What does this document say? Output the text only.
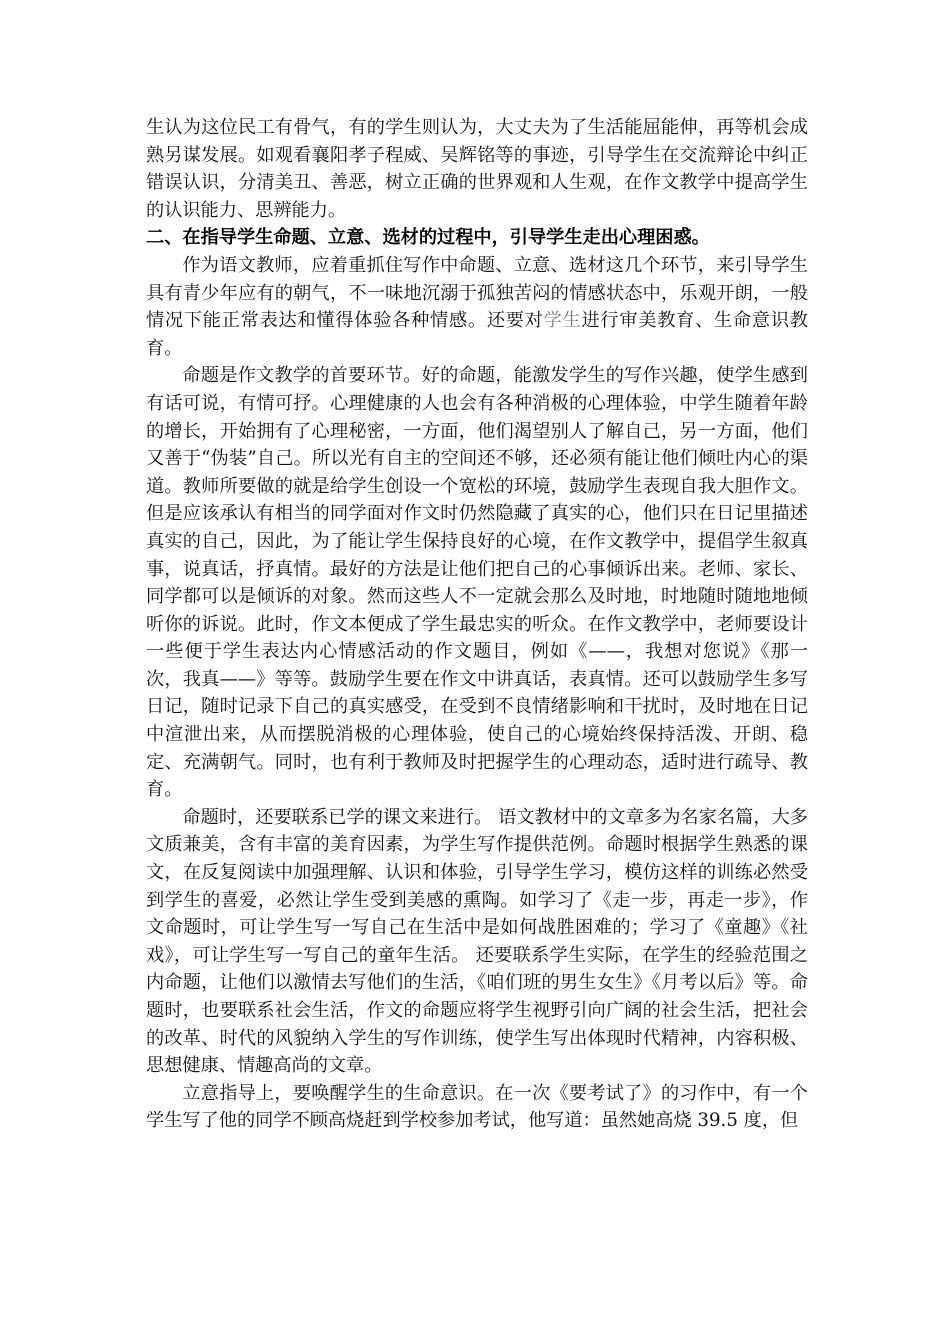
生认为这位民工有骨气，有的学生则认为，大丈夫为了生活能屈能伸，再等机会成熟另谋发展。如观看襄阳孝子程威、吴辉铭等的事迹，引导学生在交流辩论中纠正错误认识，分清美丑、善恶，树立正确的世界观和人生观，在作文教学中提高学生的认识能力、思辨能力。

二、在指导学生命题、立意、选材的过程中，引导学生走出心理困惑。

作为语文教师，应着重抓住写作中命题、立意、选材这几个环节，来引导学生具有青少年应有的朝气，不一味地沉溺于孤独苦闷的情感状态中，乐观开朗，一般情况下能正常表达和懂得体验各种情感。还要对学生进行审美教育、生命意识教育。

命题是作文教学的首要环节。好的命题，能激发学生的写作兴趣，使学生感到有话可说，有情可抒。心理健康的人也会有各种消极的心理体验，中学生随着年龄的增长，开始拥有了心理秘密，一方面，他们渴望别人了解自己，另一方面，他们又善于“伪装”自己。所以光有自主的空间还不够，还必须有能让他们倾吐内心的渠道。教师所要做的就是给学生创设一个宽松的环境，鼓励学生表现自我大胆作文。但是应该承认有相当的同学面对作文时仍然隐藏了真实的心，他们只在日记里描述真实的自己，因此，为了能让学生保持良好的心境，在作文教学中，提倡学生叙真事，说真话，抒真情。最好的方法是让他们把自己的心事倾诉出来。老师、家长、同学都可以是倾诉的对象。然而这些人不一定就会那么及时地，时地随时随地地倾听你的诉说。此时，作文本便成了学生最忠实的听众。在作文教学中，老师要设计一些便于学生表达内心情感活动的作文题目，例如《——，我想对您说》《那一次，我真——》等等。鼓励学生要在作文中讲真话，表真情。还可以鼓励学生多写日记，随时记录下自己的真实感受，在受到不良情绪影响和干扰时，及时地在日记中渲泄出来，从而摆脱消极的心理体验，使自己的心境始终保持活泼、开朗、稳定、充满朝气。同时，也有利于教师及时把握学生的心理动态，适时进行疏导、教育。

命题时，还要联系已学的课文来进行。 语文教材中的文章多为名家名篇，大多文质兼美，含有丰富的美育因素，为学生写作提供范例。命题时根据学生熟悉的课文，在反复阅读中加强理解、认识和体验，引导学生学习，模仿这样的训练必然受到学生的喜爱，必然让学生受到美感的熏陶。如学习了《走一步，再走一步》，作文命题时，可让学生写一写自己在生活中是如何战胜困难的；学习了《童趣》《社戏》，可让学生写一写自己的童年生活。 还要联系学生实际，在学生的经验范围之内命题，让他们以激情去写他们的生活，《咱们班的男生女生》《月考以后》等。命题时，也要联系社会生活，作文的命题应将学生视野引向广阔的社会生活，把社会的改革、时代的风貌纳入学生的写作训练，使学生写出体现时代精神，内容积极、思想健康、情趣高尚的文章。

立意指导上，要唤醒学生的生命意识。在一次《要考试了》的习作中，有一个学生写了他的同学不顾高烧赶到学校参加考试，他写道：虽然她高烧 39.5 度，但
